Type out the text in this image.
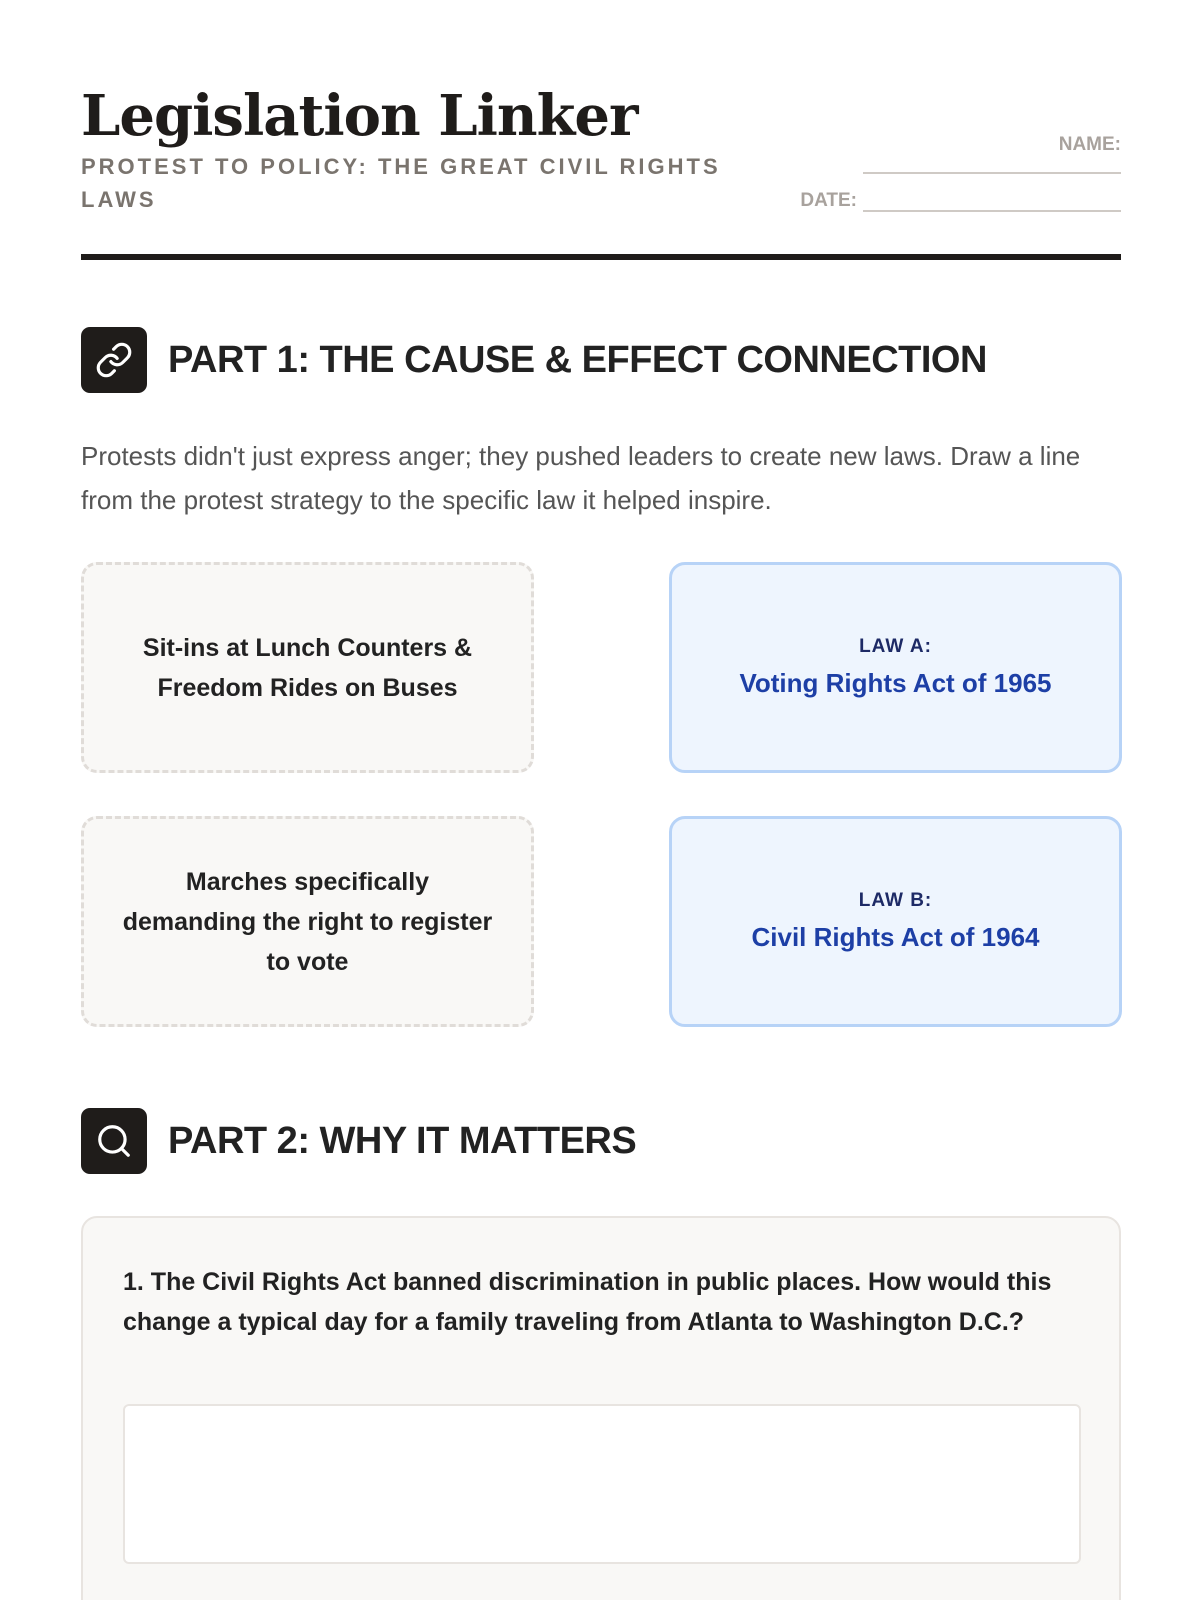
Legislation Linker
PROTEST TO POLICY: THE GREAT CIVIL RIGHTS LAWS
NAME:
DATE:
PART 1: THE CAUSE & EFFECT CONNECTION
Protests didn't just express anger; they pushed leaders to create new laws. Draw a line from the protest strategy to the specific law it helped inspire.
Sit-ins at Lunch Counters & Freedom Rides on Buses
LAW A:
Voting Rights Act of 1965
Marches specifically demanding the right to register to vote
LAW B:
Civil Rights Act of 1964
PART 2: WHY IT MATTERS
1. The Civil Rights Act banned discrimination in public places. How would this change a typical day for a family traveling from Atlanta to Washington D.C.?
